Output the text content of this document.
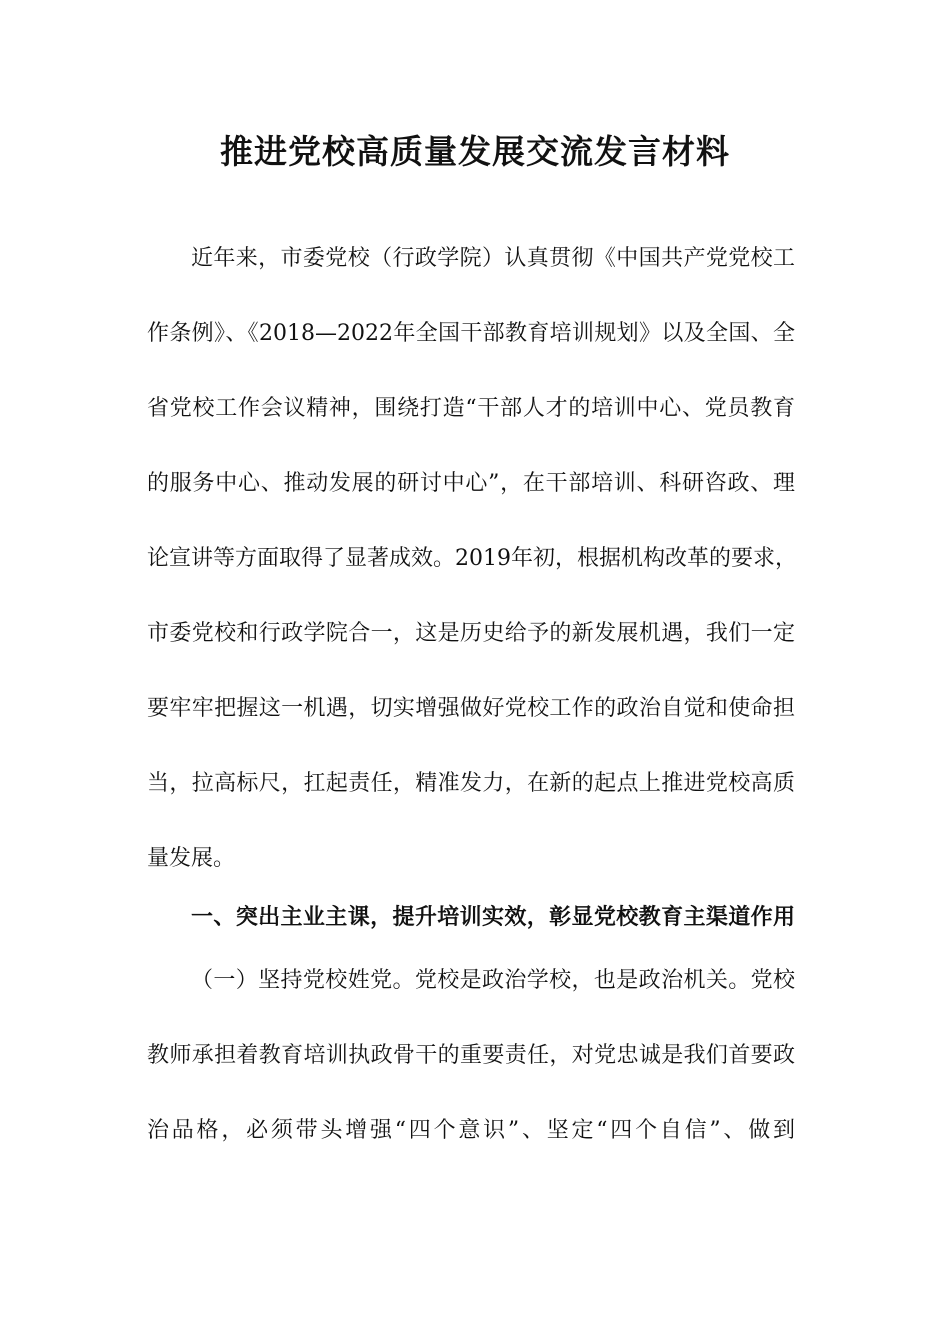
推进党校高质量发展交流发言材料
近年来，市委党校（行政学院）认真贯彻《中国共产党党校工
作条例》、《2018—2022年全国干部教育培训规划》以及全国、全
省党校工作会议精神，围绕打造“干部人才的培训中心、党员教育
的服务中心、推动发展的研讨中心”，在干部培训、科研咨政、理
论宣讲等方面取得了显著成效。2019年初，根据机构改革的要求，
市委党校和行政学院合一，这是历史给予的新发展机遇，我们一定
要牢牢把握这一机遇，切实增强做好党校工作的政治自觉和使命担
当，拉高标尺，扛起责任，精准发力，在新的起点上推进党校高质
量发展。
一、突出主业主课，提升培训实效，彰显党校教育主渠道作用
（一）坚持党校姓党。党校是政治学校，也是政治机关。党校
教师承担着教育培训执政骨干的重要责任，对党忠诚是我们首要政
治品格，必须带头增强“四个意识”、坚定“四个自信”、做到
